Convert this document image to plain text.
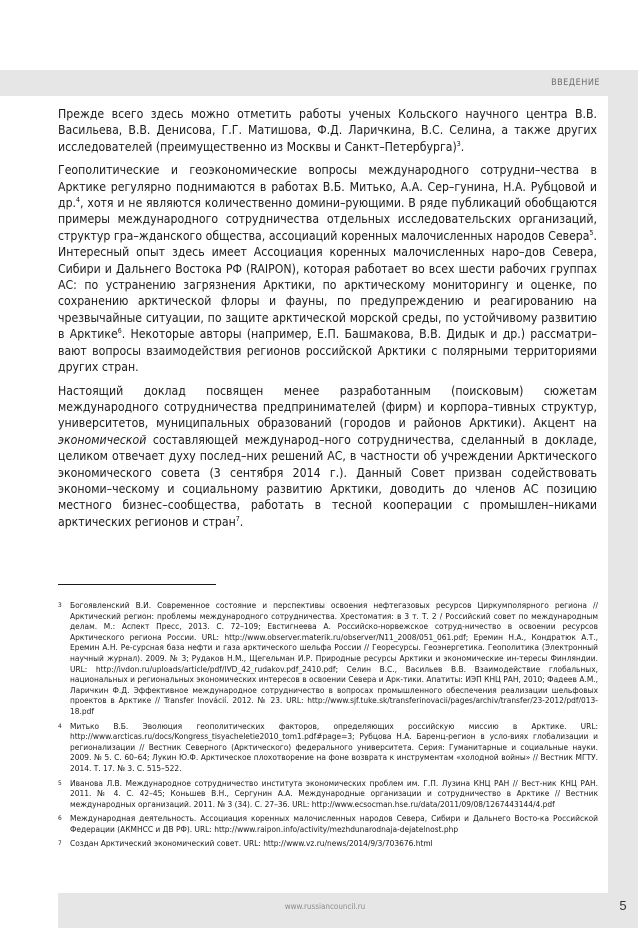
ВВЕДЕНИЕ

Прежде всего здесь можно отметить работы ученых Кольского научного центра В.В. Васильева, В.В. Денисова, Г.Г. Матишова, Ф.Д. Ларичкина, В.С. Селина, а также других исследователей (преимущественно из Москвы и Санкт–Петербурга)$^3$.

Геополитические и геоэкономические вопросы международного сотрудни–чества в Арктике регулярно поднимаются в работах В.Б. Митько, А.А. Сер–гунина, Н.А. Рубцовой и др.$^4$, хотя и не являются количественно домини–рующими. В ряде публикаций обобщаются примеры международного сотрудничества отдельных исследовательских организаций, структур гра–жданского общества, ассоциаций коренных малочисленных народов Севера$^5$. Интересный опыт здесь имеет Ассоциация коренных малочисленных наро–дов Севера, Сибири и Дальнего Востока РФ (RAIPON), которая работает во всех шести рабочих группах АС: по устранению загрязнения Арктики, по арктическому мониторингу и оценке, по сохранению арктической флоры и фауны, по предупреждению и реагированию на чрезвычайные ситуации, по защите арктической морской среды, по устойчивому развитию в Арктике$^6$. Некоторые авторы (например, Е.П. Башмакова, В.В. Дидык и др.) рассматри–вают вопросы взаимодействия регионов российской Арктики с полярными территориями других стран.

Настоящий доклад посвящен менее разработанным (поисковым) сюжетам международного сотрудничества предпринимателей (фирм) и корпора–тивных структур, университетов, муниципальных образований (городов и районов Арктики). Акцент на экономической составляющей международ–ного сотрудничества, сделанный в докладе, целиком отвечает духу послед–них решений АС, в частности об учреждении Арктического экономического совета (3 сентября 2014 г.). Данный Совет призван содействовать экономи–ческому и социальному развитию Арктики, доводить до членов АС позицию местного бизнес–сообщества, работать в тесной кооперации с промышлен–никами арктических регионов и стран$^7$.

3 Богоявленский В.И. Современное состояние и перспективы освоения нефтегазовых ресурсов Циркумполярного региона // Арктический регион: проблемы международного сотрудничества. Хрестоматия: в 3 т. Т. 2 / Российский совет по международным делам. М.: Аспект Пресс, 2013. С. 72–109; Евстигнеева А. Российско-норвежское сотруд-ничество в освоении ресурсов Арктического региона России. URL: http://www.observer.materik.ru/observer/N11_2008/051_061.pdf; Еремин Н.А., Кондратюк А.Т., Еремин А.Н. Ре-сурсная база нефти и газа арктического шельфа России // Георесурсы. Геоэнергетика. Геополитика (Электронный научный журнал). 2009. № 3; Рудаков Н.М., Щегельман И.Р. Природные ресурсы Арктики и экономические ин-тересы Финляндии. URL: http://ivdon.ru/uploads/article/pdf/IVD_42_rudakov.pdf_2410.pdf; Селин В.С., Васильев В.В. Взаимодействие глобальных, национальных и региональных экономических интересов в освоении Севера и Арк-тики. Апатиты: ИЭП КНЦ РАН, 2010; Фадеев А.М., Ларичкин Ф.Д. Эффективное международное сотрудничество в вопросах промышленного обеспечения реализации шельфовых проектов в Арктике // Transfer Inovácií. 2012. № 23. URL: http://www.sjf.tuke.sk/transferinovacii/pages/archiv/transfer/23-2012/pdf/013-18.pdf
4 Митько В.Б. Эволюция геополитических факторов, определяющих российскую миссию в Арктике. URL: http://www.arcticas.ru/docs/Kongress_tisyacheletie2010_tom1.pdf#page=3; Рубцова Н.А. Баренц-регион в усло-виях глобализации и регионализации // Вестник Северного (Арктического) федерального университета. Серия: Гуманитарные и социальные науки. 2009. № 5. С. 60–64; Лукин Ю.Ф. Арктическое плохотворение на фоне возврата к инструментам «холодной войны» // Вестник МГТУ. 2014. Т. 17. № 3. С. 515–522.
5 Иванова Л.В. Международное сотрудничество института экономических проблем им. Г.П. Лузина КНЦ РАН // Вест-ник КНЦ РАН. 2011. № 4. С. 42–45; Коньшев В.Н., Сергунин А.А. Международные организации и сотрудничество в Арктике // Вестник международных организаций. 2011. № 3 (34). С. 27–36. URL: http://www.ecsocman.hse.ru/data/2011/09/08/1267443144/4.pdf
6 Международная деятельность. Ассоциация коренных малочисленных народов Севера, Сибири и Дальнего Восто-ка Российской Федерации (АКМНСС и ДВ РФ). URL: http://www.raipon.info/activity/mezhdunarodnaja-dejatelnost.php
7 Создан Арктический экономический совет. URL: http://www.vz.ru/news/2014/9/3/703676.html
www.russiancouncil.ru	5
